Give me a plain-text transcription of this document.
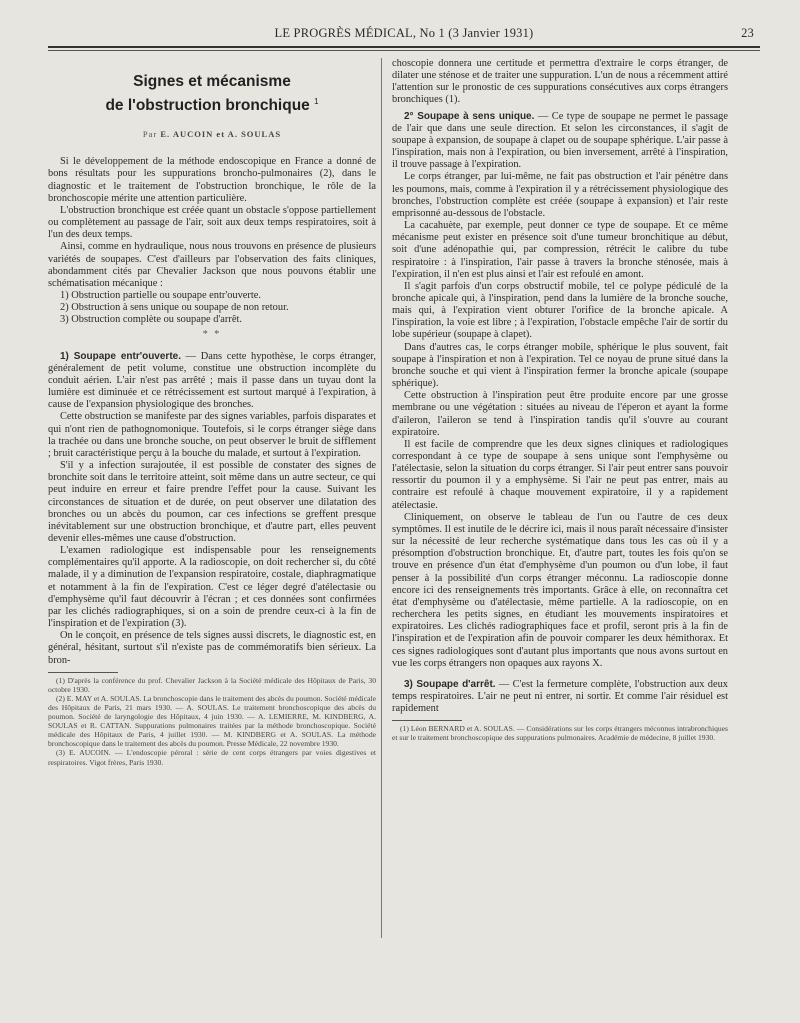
LE PROGRÈS MÉDICAL, No 1 (3 Janvier 1931)	23
Signes et mécanisme
de l'obstruction bronchique $^1$
Par E. AUCOIN et A. SOULAS

Si le développement de la méthode endoscopique en France a donné de bons résultats pour les suppurations broncho-pulmonaires (2), dans le diagnostic et le traitement de l'obstruction bronchique, le rôle de la bronchoscopie mérite une attention particulière.

L'obstruction bronchique est créée quant un obstacle s'oppose partiellement ou complètement au passage de l'air, soit aux deux temps respiratoires, soit à l'un des deux temps.

Ainsi, comme en hydraulique, nous nous trouvons en présence de plusieurs variétés de soupapes. C'est d'ailleurs par l'observation des faits cliniques, abondamment cités par Chevalier Jackson que nous pouvons établir une schématisation mécanique :

1) Obstruction partielle ou soupape entr'ouverte.

2) Obstruction à sens unique ou soupape de non retour.

3) Obstruction complète ou soupape d'arrêt.

* *

1) Soupape entr'ouverte. — Dans cette hypothèse, le corps étranger, généralement de petit volume, constitue une obstruction incomplète du conduit aérien. L'air n'est pas arrêté ; mais il passe dans un tuyau dont la lumière est diminuée et ce rétrécissement est surtout marqué à l'expiration, à cause de l'expansion physiologique des bronches.

Cette obstruction se manifeste par des signes variables, parfois disparates et qui n'ont rien de pathognomonique. Toutefois, si le corps étranger siège dans la trachée ou dans une bronche souche, on peut observer le bruit de sifflement ; bruit caractéristique perçu à la bouche du malade, et surtout à l'expiration.

S'il y a infection surajoutée, il est possible de constater des signes de bronchite soit dans le territoire atteint, soit même dans un autre secteur, ce qui peut induire en erreur et faire prendre l'effet pour la cause. Suivant les circonstances de situation et de durée, on peut observer une dilatation des bronches ou un abcès du poumon, car ces infections se greffent presque inévitablement sur une obstruction bronchique, et d'autre part, elles peuvent devenir elles-mêmes une cause d'obstruction.

L'examen radiologique est indispensable pour les renseignements complémentaires qu'il apporte. A la radioscopie, on doit rechercher si, du côté malade, il y a diminution de l'expansion respiratoire, costale, diaphragmatique et notamment à la fin de l'expiration. C'est ce léger degré d'atélectasie ou d'emphysème qu'il faut découvrir à l'écran ; et ces données sont confirmées par les clichés radiographiques, si on a soin de prendre ceux-ci à la fin de l'inspiration et de l'expiration (3).

On le conçoit, en présence de tels signes aussi discrets, le diagnostic est, en général, hésitant, surtout s'il n'existe pas de commémoratifs bien sérieux. La bron-

(1) D'après la conférence du prof. Chevalier Jackson à la Société médicale des Hôpitaux de Paris, 30 octobre 1930.

(2) E. MAY et A. SOULAS. La bronchoscopie dans le traitement des abcès du poumon. Société médicale des Hôpitaux de Paris, 21 mars 1930. — A. SOULAS. Le traitement bronchoscopique des abcès du poumon. Société de laryngologie des Hôpitaux, 4 juin 1930. — A. LEMIERRE, M. KINDBERG, A. SOULAS et R. CATTAN. Suppurations pulmonaires traitées par la méthode bronchoscopique. Société médicale des Hôpitaux de Paris, 4 juillet 1930. — M. KINDBERG et A. SOULAS. La méthode bronchoscopique dans le traitement des abcès du poumon. Presse Médicale, 22 novembre 1930.

(3) E. AUCOIN. — L'endoscopie péroral : série de cent corps étrangers par voies digestives et respiratoires. Vigot frères, Paris 1930.

choscopie donnera une certitude et permettra d'extraire le corps étranger, de dilater une sténose et de traiter une suppuration. L'un de nous a récemment attiré l'attention sur le pronostic de ces suppurations consécutives aux corps étrangers bronchiques (1).

2° Soupape à sens unique. — Ce type de soupape ne permet le passage de l'air que dans une seule direction. Et selon les circonstances, il s'agit de soupape à expansion, de soupape à clapet ou de soupape sphérique. L'air passe à l'inspiration, mais non à l'expiration, ou bien inversement, arrêté à l'inspiration, il trouve passage à l'expiration.

Le corps étranger, par lui-même, ne fait pas obstruction et l'air pénètre dans les poumons, mais, comme à l'expiration il y a rétrécissement physiologique des bronches, l'obstruction complète est créée (soupape à expansion) et l'air reste emprisonné au-dessous de l'obstacle.

La cacahuète, par exemple, peut donner ce type de soupape. Et ce même mécanisme peut exister en présence soit d'une tumeur bronchitique au début, soit d'une adénopathie qui, par compression, rétrécit le calibre du tube respiratoire : à l'inspiration, l'air passe à travers la bronche sténosée, mais à l'expiration, il n'en est plus ainsi et l'air est refoulé en amont.

Il s'agit parfois d'un corps obstructif mobile, tel ce polype pédiculé de la bronche apicale qui, à l'inspiration, pend dans la lumière de la bronche souche, mais qui, à l'expiration vient obturer l'orifice de la bronche apicale. A l'inspiration, la voie est libre ; à l'expiration, l'obstacle empêche l'air de sortir du lobe supérieur (soupape à clapet).

Dans d'autres cas, le corps étranger mobile, sphérique le plus souvent, fait soupape à l'inspiration et non à l'expiration. Tel ce noyau de prune situé dans la bronche souche et qui vient à l'inspiration fermer la bronche apicale (soupape sphérique).

Cette obstruction à l'inspiration peut être produite encore par une grosse membrane ou une végétation : situées au niveau de l'éperon et ayant la forme d'aileron, l'aileron se tend à l'inspiration tandis qu'il s'ouvre au courant expiratoire.

Il est facile de comprendre que les deux signes cliniques et radiologiques correspondant à ce type de soupape à sens unique sont l'emphysème ou l'atélectasie, selon la situation du corps étranger. Si l'air peut entrer sans pouvoir ressortir du poumon il y a emphysème. Si l'air ne peut pas entrer, mais au contraire est refoulé à chaque mouvement expiratoire, il y a rapidement atélectasie.

Cliniquement, on observe le tableau de l'un ou l'autre de ces deux symptômes. Il est inutile de le décrire ici, mais il nous paraît nécessaire d'insister sur la nécessité de leur recherche systématique dans tous les cas où il y a présomption d'obstruction bronchique. Et, d'autre part, toutes les fois qu'on se trouve en présence d'un état d'emphysème d'un poumon ou d'un lobe, il faut penser à la possibilité d'un corps étranger méconnu. La radioscopie donne encore ici des renseignements très importants. Grâce à elle, on reconnaîtra cet état d'emphysème ou d'atélectasie, même partielle. A la radioscopie, on en recherchera les petits signes, en étudiant les mouvements inspiratoires et expiratoires. Les clichés radiographiques face et profil, seront pris à la fin de l'inspiration et de l'expiration afin de pouvoir comparer les deux hémithorax. Et ces signes radiologiques sont d'autant plus importants que nous avons surtout en vue les corps étrangers non opaques aux rayons X.

3) Soupape d'arrêt. — C'est la fermeture complète, l'obstruction aux deux temps respiratoires. L'air ne peut ni entrer, ni sortir. Et comme l'air résiduel est rapidement

(1) Léon BERNARD et A. SOULAS. — Considérations sur les corps étrangers méconnus intrabronchiques et sur le traitement bronchoscopique des suppurations pulmonaires. Académie de médecine, 8 juillet 1930.
